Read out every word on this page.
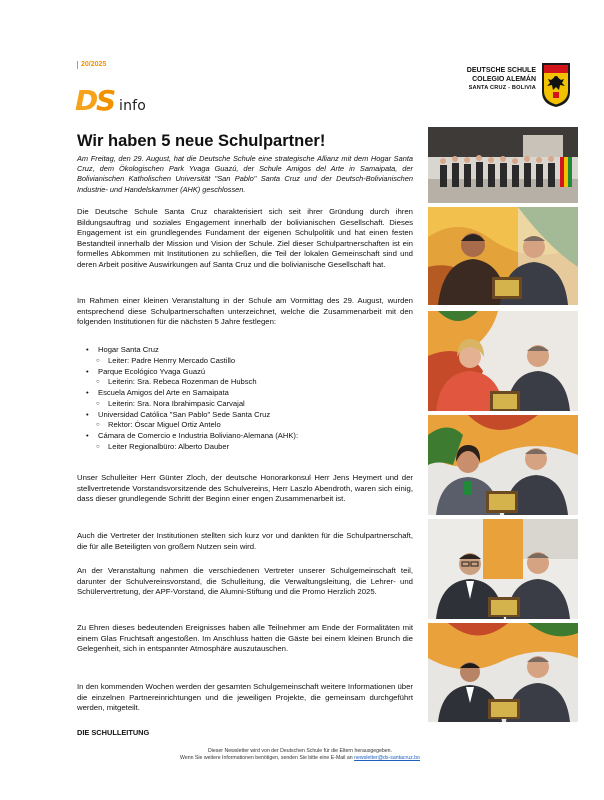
20/2025
D
S info
DEUTSCHE SCHULE
COLEGIO ALEMÁN
SANTA CRUZ - BOLIVIA
Wir haben 5 neue Schulpartner!
Am Freitag, den 29. August, hat die Deutsche Schule eine strategische Allianz mit dem Hogar Santa Cruz, dem Ökologischen Park Yvaga Guazú, der Schule Amigos del Arte in Samaipata, der Bolivianischen Katholischen Universität "San Pablo" Santa Cruz und der Deutsch-Bolivianischen Industrie- und Handelskammer (AHK) geschlossen.
Die Deutsche Schule Santa Cruz charakterisiert sich seit ihrer Gründung durch ihren Bildungsauftrag und soziales Engagement innerhalb der bolivianischen Gesellschaft. Dieses Engagement ist ein grundlegendes Fundament der eigenen Schulpolitik und hat einen festen Bestandteil innerhalb der Mission und Vision der Schule. Ziel dieser Schulpartnerschaften ist ein formelles Abkommen mit Institutionen zu schließen, die Teil der lokalen Gemeinschaft sind und deren Arbeit positive Auswirkungen auf Santa Cruz und die bolivianische Gesellschaft hat.
Im Rahmen einer kleinen Veranstaltung in der Schule am Vormittag des 29. August, wurden entsprechend diese Schulpartnerschaften unterzeichnet, welche die Zusammenarbeit mit den folgenden Institutionen für die nächsten 5 Jahre festlegen:
• Hogar Santa Cruz
○ Leiter: Padre Henrry Mercado Castillo
• Parque Ecológico Yvaga Guazú
○ Leiterin: Sra. Rebeca Rozenman de Hubsch
• Escuela Amigos del Arte en Samaipata
○ Leiterin: Sra. Nora Ibrahimpasic Carvajal
• Universidad Católica "San Pablo" Sede Santa Cruz
○ Rektor: Óscar Miguel Ortiz Antelo
• Cámara de Comercio e Industria Boliviano-Alemana (AHK):
○ Leiter Regionalbüro: Alberto Dauber
Unser Schulleiter Herr Günter Zloch, der deutsche Honorarkonsul Herr Jens Heymert und der stellvertretende Vorstandsvorsitzende des Schulvereins, Herr Laszlo Abendroth, waren sich einig, dass dieser grundlegende Schritt der Beginn einer engen Zusammenarbeit ist.
Auch die Vertreter der Institutionen stellten sich kurz vor und dankten für die Schulpartnerschaft, die für alle Beteiligten von großem Nutzen sein wird.
An der Veranstaltung nahmen die verschiedenen Vertreter unserer Schulgemeinschaft teil, darunter der Schulvereinsvorstand, die Schulleitung, die Verwaltungsleitung, die Lehrer- und Schülervertretung, der APF-Vorstand, die Alumni-Stiftung und die Promo Herzlich 2025.
Zu Ehren dieses bedeutenden Ereignisses haben alle Teilnehmer am Ende der Formalitäten mit einem Glas Fruchtsaft angestoßen. Im Anschluss hatten die Gäste bei einem kleinen Brunch die Gelegenheit, sich in entspannter Atmosphäre auszutauschen.
In den kommenden Wochen werden der gesamten Schulgemeinschaft weitere Informationen über die einzelnen Partnereinrichtungen und die jeweiligen Projekte, die gemeinsam durchgeführt werden, mitgeteilt.
DIE SCHULLEITUNG
Dieser Newsletter wird von der Deutschen Schule für die Eltern herausgegeben.
Wenn Sie weitere Informationen benötigen, senden Sie bitte eine E-Mail an newsletter@ds-santacruz.bo
